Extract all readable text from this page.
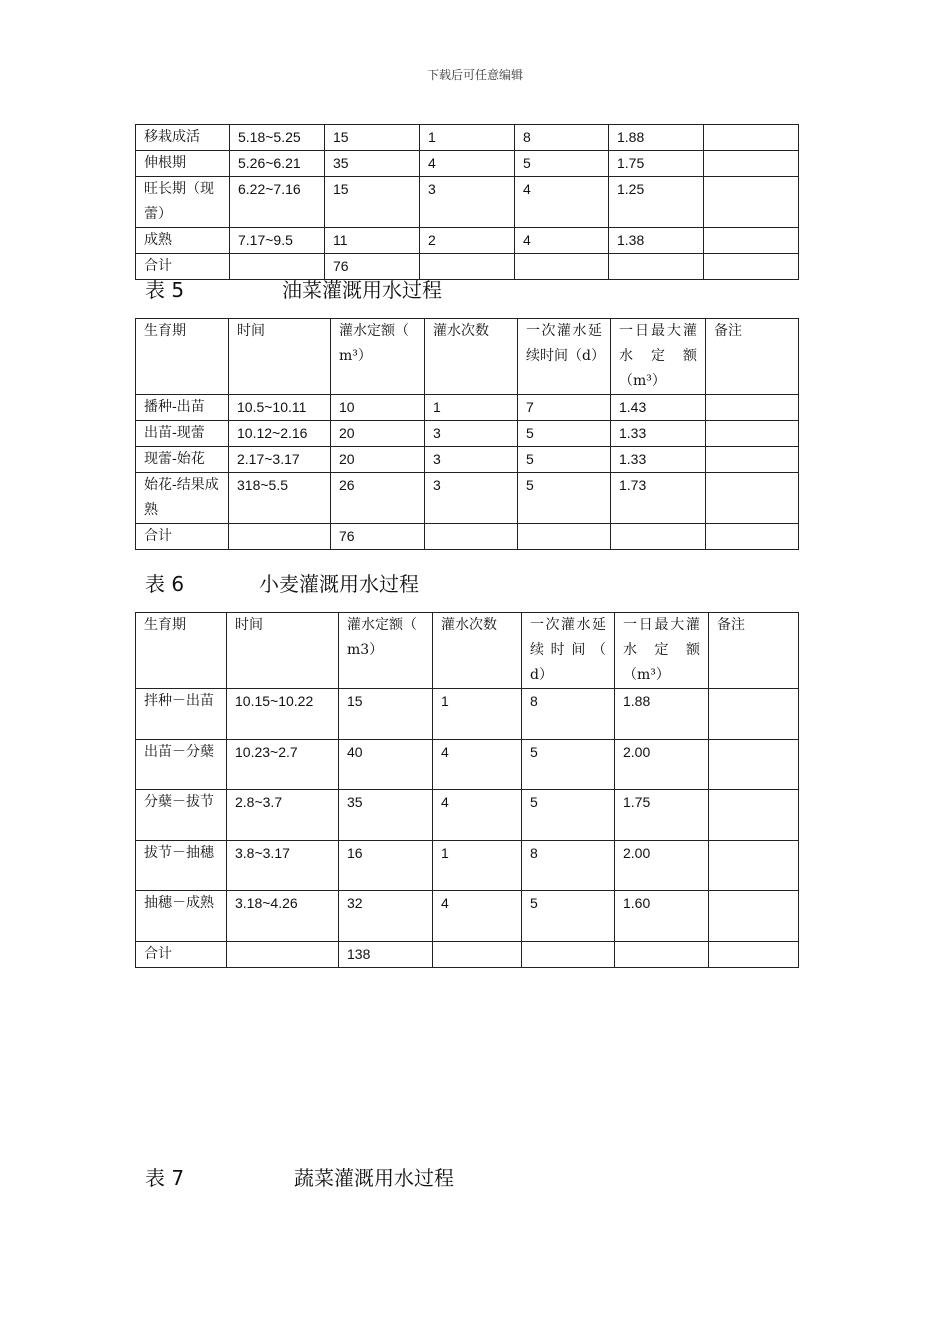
下载后可任意编辑
移栽成活	5.18~5.25	15	1	8	1.88	
伸根期	5.26~6.21	35	4	5	1.75	
旺长期（现蕾）	6.22~7.16	15	3	4	1.25	
成熟	7.17~9.5	11	2	4	1.38	
合计		76				
表 5	油菜灌溉用水过程
生育期	时间	灌水定额（ m³）	灌水次数	一次灌水延续时间（d）	一日最大灌水定额（m³）	备注
播种-出苗	10.5~10.11	10	1	7	1.43	
出苗-现蕾	10.12~2.16	20	3	5	1.33	
现蕾-始花	2.17~3.17	20	3	5	1.33	
始花-结果成熟	318~5.5	26	3	5	1.73	
合计		76				
表 6	小麦灌溉用水过程
生育期	时间	灌水定额（ m3）	灌水次数	一次灌水延续时间（ d）	一日最大灌水定额（m³）	备注
拌种－出苗	10.15~10.22	15	1	8	1.88	
出苗－分蘖	10.23~2.7	40	4	5	2.00	
分蘖－拔节	2.8~3.7	35	4	5	1.75	
拔节－抽穗	3.8~3.17	16	1	8	2.00	
抽穗－成熟	3.18~4.26	32	4	5	1.60	
合计		138				
表 7	蔬菜灌溉用水过程
